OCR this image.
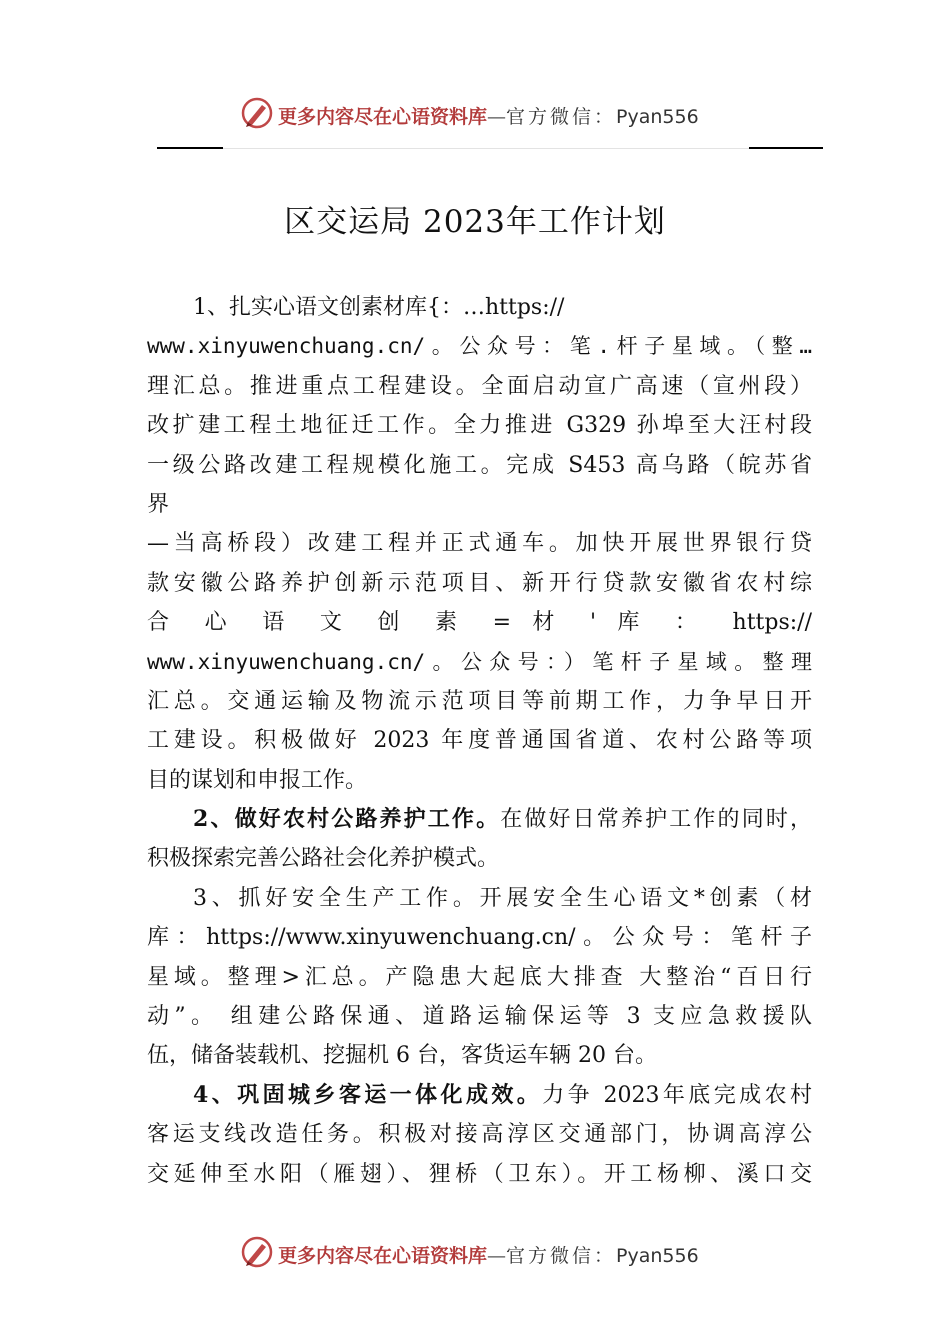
更多内容尽在心语资料库—官方微信：Pyan556
区交运局 2023年工作计划
1、扎实心语文创素材库{：…https://
www.xinyuwenchuang.cn/。公众号：笔.杆子星域。（整…
理汇总。推进重点工程建设。全面启动宣广高速（宣州段）
改扩建工程土地征迁工作。全力推进 G329 孙埠至大汪村段
一级公路改建工程规模化施工。完成 S453 高乌路（皖苏省
界
—当高桥段）改建工程并正式通车。加快开展世界银行贷
款安徽公路养护创新示范项目、新开行贷款安徽省农村综
合 心 语 文 创 素 = 材 ' 库 ： https://
www.xinyuwenchuang.cn/。公众号：）笔杆子星域。整理
汇总。交通运输及物流示范项目等前期工作，力争早日开
工建设。积极做好 2023 年度普通国省道、农村公路等项
目的谋划和申报工作。
2、做好农村公路养护工作。在做好日常养护工作的同时，
积极探索完善公路社会化养护模式。
3、抓好安全生产工作。开展安全生心语文*创素（材
库：https://www.xinyuwenchuang.cn/。公众号：笔杆子
星域。整理>汇总。产隐患大起底大排查 大整治“百日行
动”。 组建公路保通、道路运输保运等 3 支应急救援队
伍，储备装载机、挖掘机 6 台，客货运车辆 20 台。
4、巩固城乡客运一体化成效。力争 2023年底完成农村
客运支线改造任务。积极对接高淳区交通部门，协调高淳公
交延伸至水阳（雁翅）、狸桥（卫东）。开工杨柳、溪口交
更多内容尽在心语资料库—官方微信：Pyan556
